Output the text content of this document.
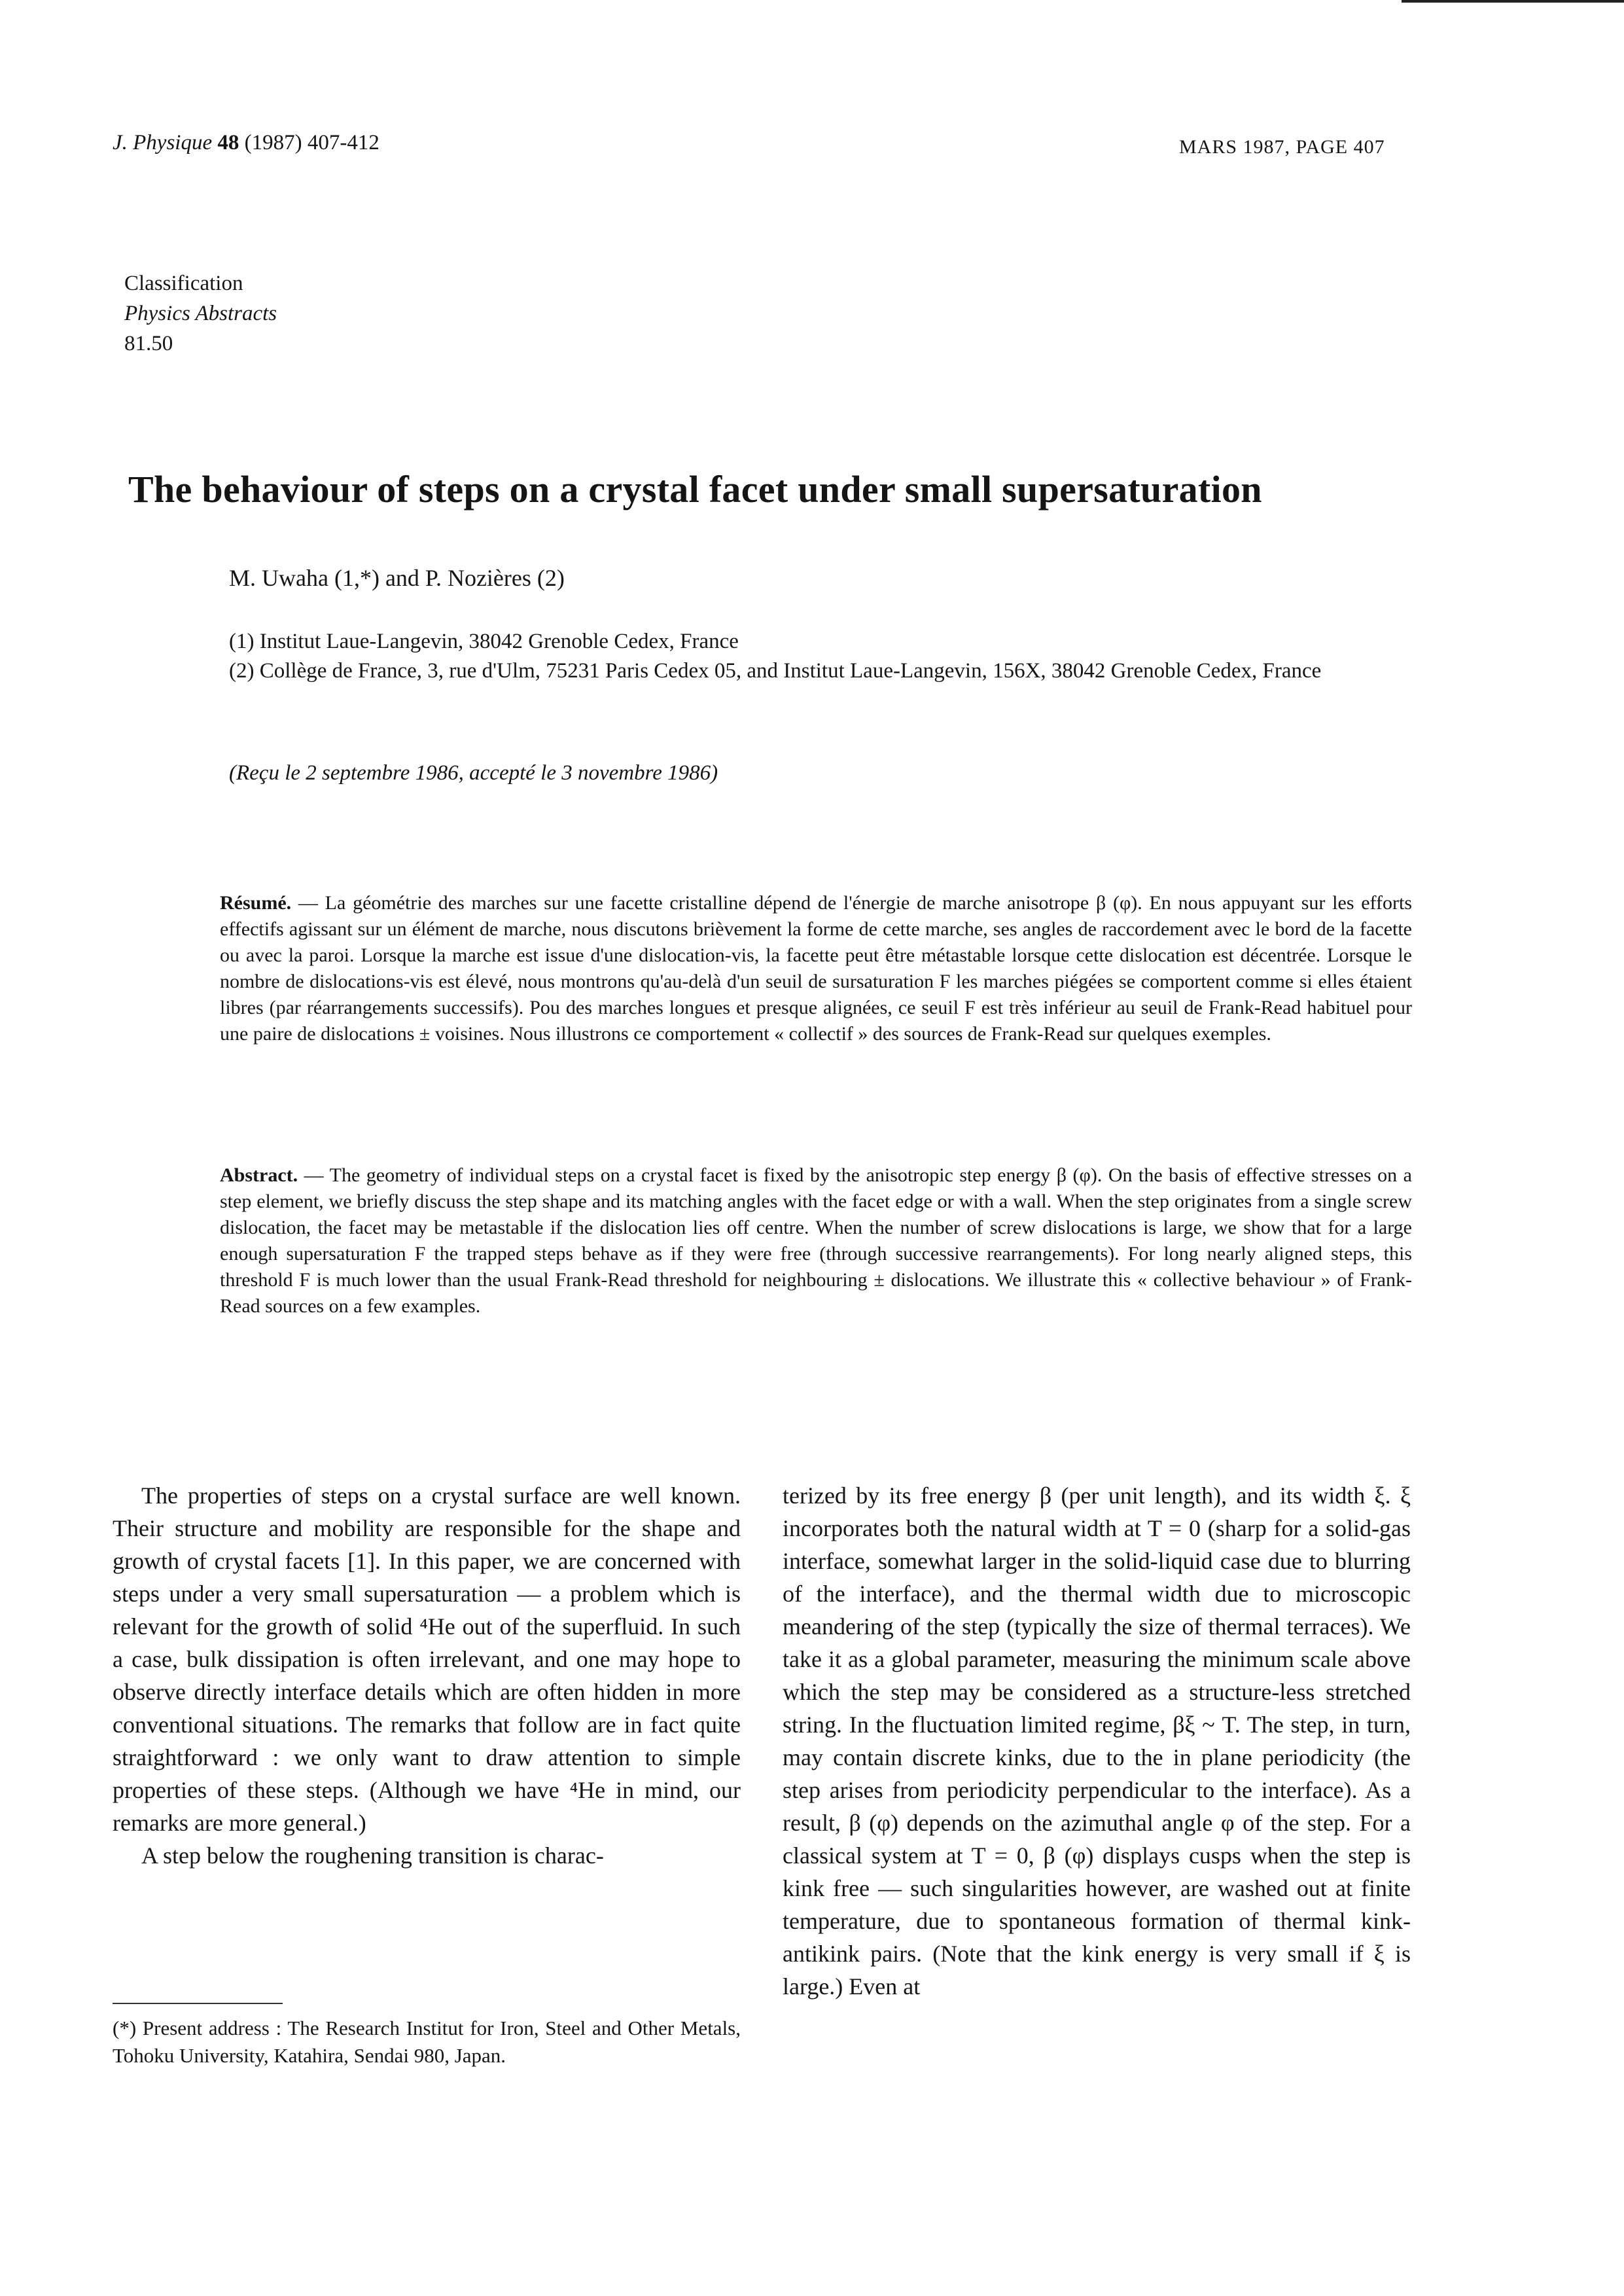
J. Physique 48 (1987) 407-412	MARS 1987, PAGE 407
Classification
Physics Abstracts
81.50
The behaviour of steps on a crystal facet under small supersaturation
M. Uwaha (1,*) and P. Nozières (2)
(1) Institut Laue-Langevin, 38042 Grenoble Cedex, France
(2) Collège de France, 3, rue d'Ulm, 75231 Paris Cedex 05, and Institut Laue-Langevin, 156X, 38042 Grenoble Cedex, France
(Reçu le 2 septembre 1986, accepté le 3 novembre 1986)
Résumé. — La géométrie des marches sur une facette cristalline dépend de l'énergie de marche anisotrope β (φ). En nous appuyant sur les efforts effectifs agissant sur un élément de marche, nous discutons brièvement la forme de cette marche, ses angles de raccordement avec le bord de la facette ou avec la paroi. Lorsque la marche est issue d'une dislocation-vis, la facette peut être métastable lorsque cette dislocation est décentrée. Lorsque le nombre de dislocations-vis est élevé, nous montrons qu'au-delà d'un seuil de sursaturation F les marches piégées se comportent comme si elles étaient libres (par réarrangements successifs). Pou des marches longues et presque alignées, ce seuil F est très inférieur au seuil de Frank-Read habituel pour une paire de dislocations ± voisines. Nous illustrons ce comportement « collectif » des sources de Frank-Read sur quelques exemples.
Abstract. — The geometry of individual steps on a crystal facet is fixed by the anisotropic step energy β (φ). On the basis of effective stresses on a step element, we briefly discuss the step shape and its matching angles with the facet edge or with a wall. When the step originates from a single screw dislocation, the facet may be metastable if the dislocation lies off centre. When the number of screw dislocations is large, we show that for a large enough supersaturation F the trapped steps behave as if they were free (through successive rearrangements). For long nearly aligned steps, this threshold F is much lower than the usual Frank-Read threshold for neighbouring ± dislocations. We illustrate this « collective behaviour » of Frank-Read sources on a few examples.

The properties of steps on a crystal surface are well known. Their structure and mobility are responsible for the shape and growth of crystal facets [1]. In this paper, we are concerned with steps under a very small supersaturation — a problem which is relevant for the growth of solid ⁴He out of the superfluid. In such a case, bulk dissipation is often irrelevant, and one may hope to observe directly interface details which are often hidden in more conventional situations. The remarks that follow are in fact quite straightforward : we only want to draw attention to simple properties of these steps. (Although we have ⁴He in mind, our remarks are more general.)

A step below the roughening transition is charac-

terized by its free energy β (per unit length), and its width ξ. ξ incorporates both the natural width at T = 0 (sharp for a solid-gas interface, somewhat larger in the solid-liquid case due to blurring of the interface), and the thermal width due to microscopic meandering of the step (typically the size of thermal terraces). We take it as a global parameter, measuring the minimum scale above which the step may be considered as a structure-less stretched string. In the fluctuation limited regime, βξ ~ T. The step, in turn, may contain discrete kinks, due to the in plane periodicity (the step arises from periodicity perpendicular to the interface). As a result, β (φ) depends on the azimuthal angle φ of the step. For a classical system at T = 0, β (φ) displays cusps when the step is kink free — such singularities however, are washed out at finite temperature, due to spontaneous formation of thermal kink-antikink pairs. (Note that the kink energy is very small if ξ is large.) Even at

(*) Present address : The Research Institut for Iron, Steel and Other Metals, Tohoku University, Katahira, Sendai 980, Japan.
